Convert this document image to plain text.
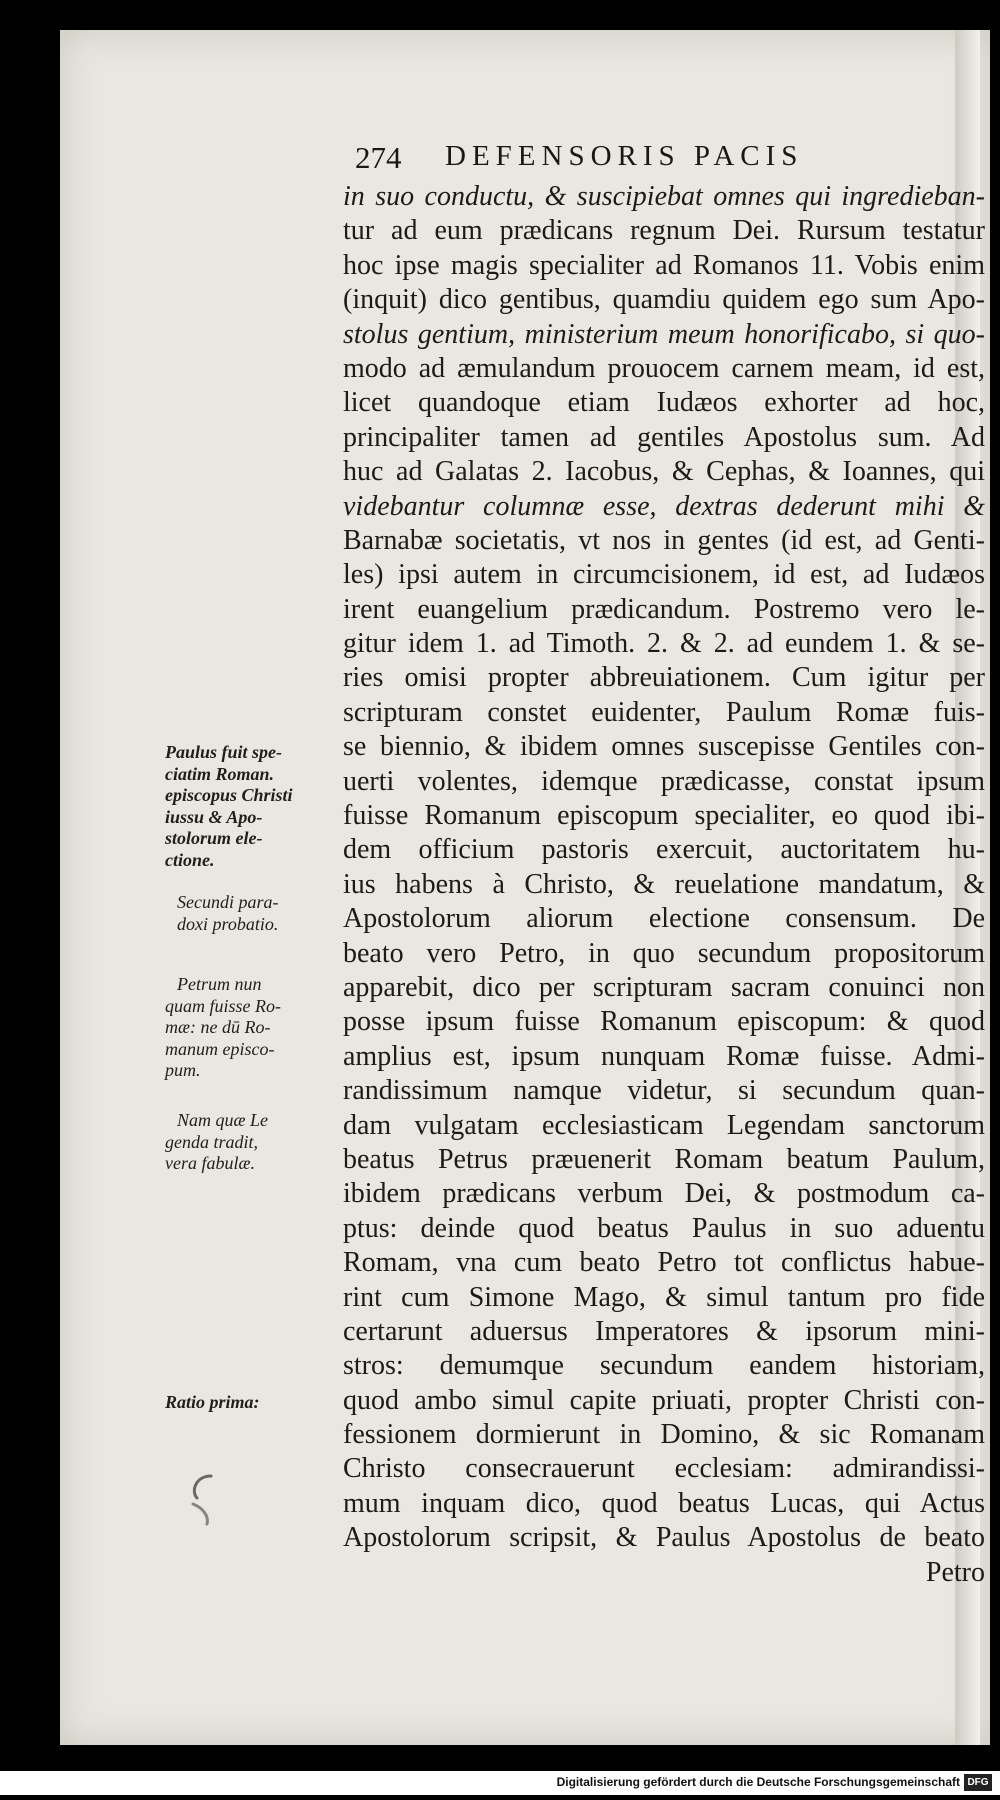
274 DEFENSORIS PACIS
in suo conductu, & suscipiebat omnes qui ingredieban-
tur ad eum prædicans regnum Dei. Rursum testatur
hoc ipse magis specialiter ad Romanos 11. Vobis enim
(inquit) dico gentibus, quamdiu quidem ego sum Apo-
stolus gentium, ministerium meum honorificabo, si quo-
modo ad æmulandum prouocem carnem meam, id est,
licet quandoque etiam Iudæos exhorter ad hoc,
principaliter tamen ad gentiles Apostolus sum. Ad
huc ad Galatas 2. Iacobus, & Cephas, & Ioannes, qui
videbantur columnæ esse, dextras dederunt mihi &
Barnabæ societatis, vt nos in gentes (id est, ad Genti-
les) ipsi autem in circumcisionem, id est, ad Iudæos
irent euangelium prædicandum. Postremo vero le-
gitur idem 1. ad Timoth. 2. & 2. ad eundem 1. & se-
ries omisi propter abbreuiationem. Cum igitur per
scripturam constet euidenter, Paulum Romæ fuis-
se biennio, & ibidem omnes suscepisse Gentiles con-
uerti volentes, idemque prædicasse, constat ipsum
fuisse Romanum episcopum specialiter, eo quod ibi-
dem officium pastoris exercuit, auctoritatem hu-
ius habens à Christo, & reuelatione mandatum, &
Apostolorum aliorum electione consensum. De
beato vero Petro, in quo secundum propositorum
apparebit, dico per scripturam sacram conuinci non
posse ipsum fuisse Romanum episcopum: & quod
amplius est, ipsum nunquam Romæ fuisse. Admi-
randissimum namque videtur, si secundum quan-
dam vulgatam ecclesiasticam Legendam sanctorum
beatus Petrus præuenerit Romam beatum Paulum,
ibidem prædicans verbum Dei, & postmodum ca-
ptus: deinde quod beatus Paulus in suo aduentu
Romam, vna cum beato Petro tot conflictus habue-
rint cum Simone Mago, & simul tantum pro fide
certarunt aduersus Imperatores & ipsorum mini-
stros: demumque secundum eandem historiam,
quod ambo simul capite priuati, propter Christi con-
fessionem dormierunt in Domino, & sic Romanam
Christo consecrauerunt ecclesiam: admirandissi-
mum inquam dico, quod beatus Lucas, qui Actus
Apostolorum scripsit, & Paulus Apostolus de beato
Petro
Paulus fuit spe-
ciatim Roman.
episcopus Christi
iussu & Apo-
stolorum ele-
ctione.
Secundi para-
doxi probatio.
Petrum nun
quam fuisse Ro-
mæ: ne dū Ro-
manum episco-
pum.
Nam quæ Le
genda tradit,
vera fabulæ.
Ratio prima:
Digitalisierung gefördert durch die Deutsche Forschungsgemeinschaft DFG
